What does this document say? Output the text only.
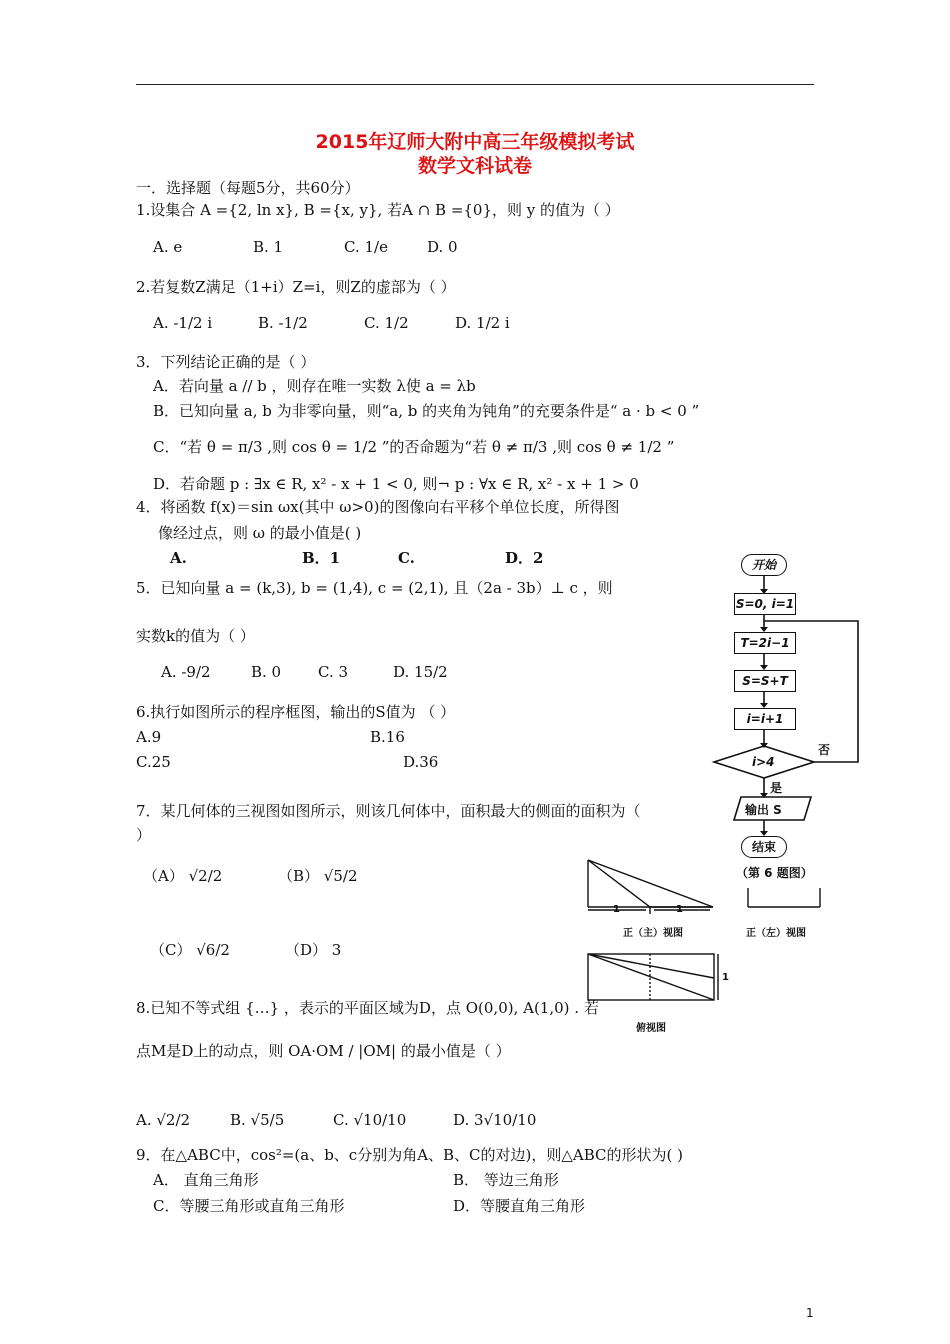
2015年辽师大附中高三年级模拟考试
数学文科试卷
一．选择题（每题5分，共60分）
1.设集合 A ={2, ln x}, B ={x, y}, 若A ∩ B ={0}，则 y 的值为（ ）
A. e	B. 1	C. 1/e	D. 0
2.若复数Z满足（1+i）Z=i，则Z的虚部为（ ）
A. -1/2 i	B. -1/2	C. 1/2	D. 1/2 i
3．下列结论正确的是（ ）
A．若向量 a // b ，则存在唯一实数 λ使 a = λb
B．已知向量 a, b 为非零向量，则“a, b 的夹角为钝角”的充要条件是“ a · b < 0 ”
C．“若 θ = π/3 ,则 cos θ = 1/2 ”的否命题为“若 θ ≠ π/3 ,则 cos θ ≠ 1/2 ”
D．若命题 p : ∃x ∈ R, x² - x + 1 < 0, 则¬ p : ∀x ∈ R, x² - x + 1 > 0
4．将函数 f(x)＝sin ωx(其中 ω>0)的图像向右平移个单位长度，所得图
像经过点，则 ω 的最小值是( )
A.	B．1	C.	D．2
5．已知向量 a = (k,3), b = (1,4), c = (2,1), 且（2a - 3b）⊥ c ，则
实数k的值为（ ）
A. -9/2	B. 0 C. 3	D. 15/2
6.执行如图所示的程序框图，输出的S值为 （ ）
A.9	B.16
C.25	D.36
7．某几何体的三视图如图所示，则该几何体中，面积最大的侧面的面积为（
）
（A） √2/2	（B） √5/2
（C） √6/2	（D） 3
8.已知不等式组 {…} ，表示的平面区域为D，点 O(0,0), A(1,0) . 若
点M是D上的动点，则 OA·OM / |OM| 的最小值是（ ）
A. √2/2	B. √5/5	C. √10/10	D. 3√10/10
9．在△ABC中，cos²=(a、b、c分别为角A、B、C的对边)，则△ABC的形状为( )
A． 直角三角形	B． 等边三角形
C．等腰三角形或直角三角形	D．等腰直角三角形
开始
S=0, i=1
T=2i−1
S=S+T
i=i+1
i>4
否
是
输出 S
结束
（第 6 题图）
1	1
正（主）视图	正（左）视图
1
俯视图
1
